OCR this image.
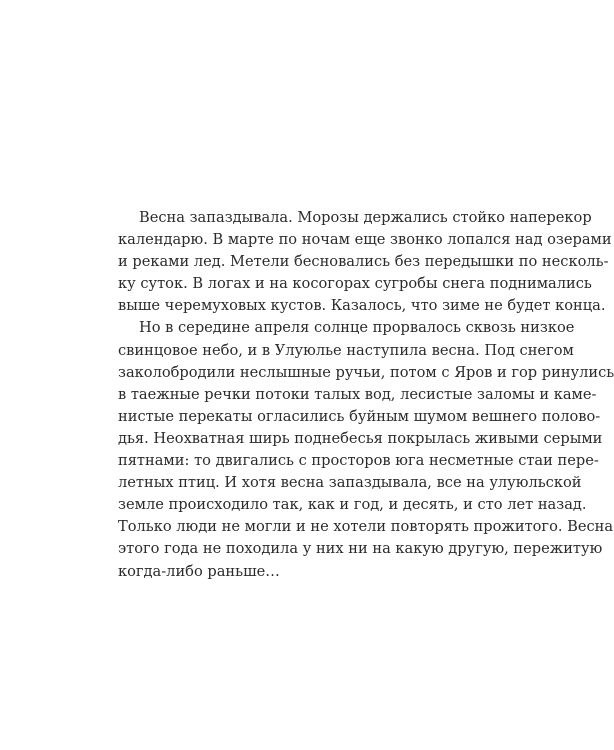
Весна запаздывала. Морозы держались стойко наперекор
календарю. В марте по ночам еще звонко лопался над озерами
и реками лед. Метели бесновались без передышки по несколь-
ку суток. В логах и на косогорах сугробы снега поднимались
выше черемуховых кустов. Казалось, что зиме не будет конца.
Но в середине апреля солнце прорвалось сквозь низкое
свинцовое небо, и в Улуюлье наступила весна. Под снегом
заколобродили неслышные ручьи, потом с Яров и гор ринулись
в таежные речки потоки талых вод, лесистые заломы и каме-
нистые перекаты огласились буйным шумом вешнего полово-
дья. Неохватная ширь поднебесья покрылась живыми серыми
пятнами: то двигались с просторов юга несметные стаи пере-
летных птиц. И хотя весна запаздывала, все на улуюльской
земле происходило так, как и год, и десять, и сто лет назад.
Только люди не могли и не хотели повторять прожитого. Весна
этого года не походила у них ни на какую другую, пережитую
когда-либо раньше…
